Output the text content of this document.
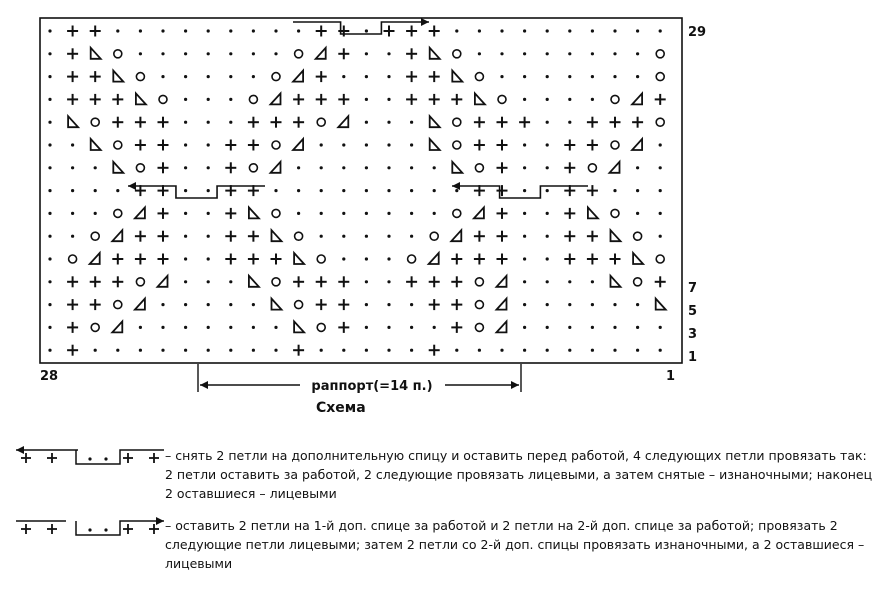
29
7
5
3
1
28	1
раппорт(=14 п.)
Схема
– снять 2 петли на дополнительную спицу и оставить перед работой, 4 следующих петли провязать так: 2 петли оставить за работой, 2 следующие провязать лицевыми, а затем снятые – изнаночными; наконец 2 оставшиеся – лицевыми
– оставить 2 петли на 1-й доп. спице за работой и 2 петли на 2-й доп. спице за работой; провязать 2 следующие петли лицевыми; затем 2 петли со 2-й доп. спицы провязать изнаночными, а 2 оставшиеся – лицевыми
